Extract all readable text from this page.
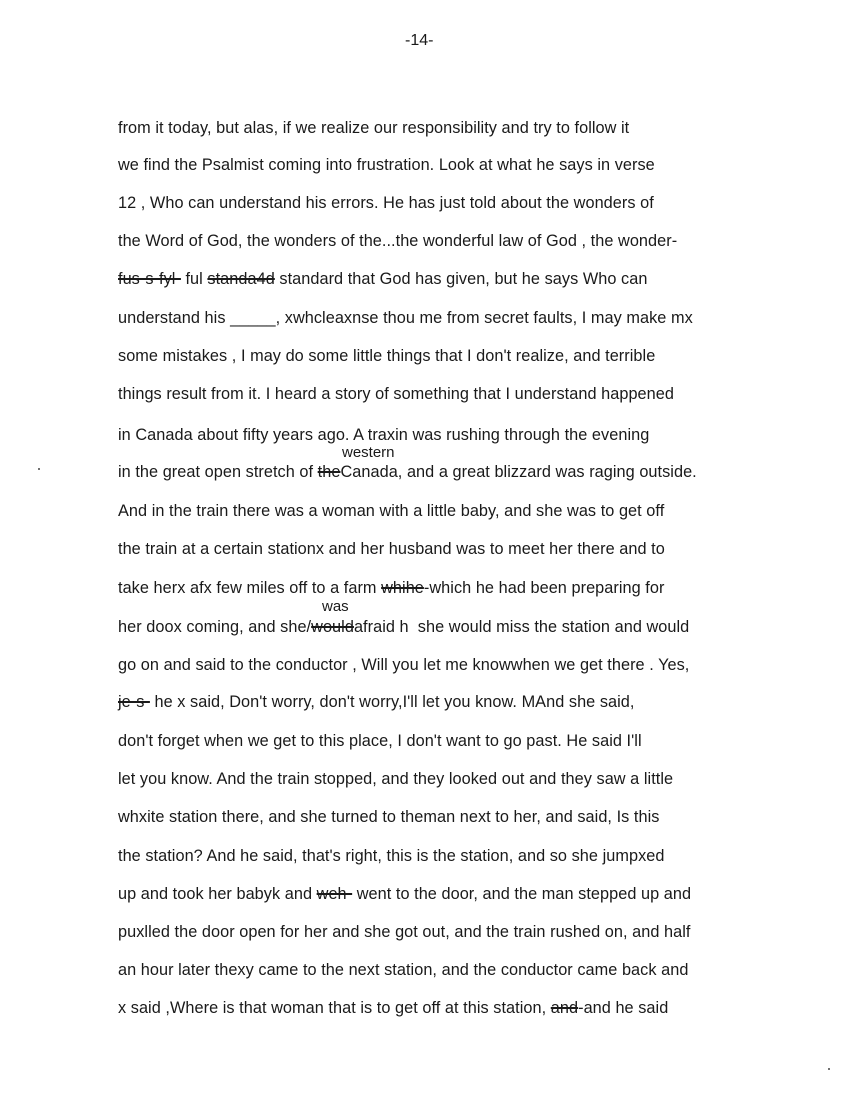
-14-
from it today, but alas, if we realize our responsibility and try to follow it
we find the Psalmist coming into frustration. Look at what he says in verse
12 , Who can understand his errors. He has just told about the wonders of
the Word of God, the wonders of the...the wonderful law of God , the wonder-
fus-s-fyl- ful standa4d standard that God has given, but he says Who can
understand his _____, xwhcleaxnse thou me from secret faults, I may make mx
some mistakes , I may do some little things that I don't realize, and terrible
things result from it. I heard a story of something that I understand happened
in Canada about fifty years ago. A traxin was rushing through the evening
in the great open stretch of theCanada, and a great blizzard was raging outside.
And in the train there was a woman with a little baby, and she was to get off
the train at a certain stationx and her husband was to meet her there and to
take herx afx few miles off to a farm whihe-which he had been preparing for
her doox coming, and she/wouldafraid h  she would miss the station and would
go on and said to the conductor , Will you let me knowwhen we get there . Yes,
je-s- he x said, Don't worry, don't worry,I'll let you know. MAnd she said,
don't forget when we get to this place, I don't want to go past. He said I'll
let you know. And the train stopped, and they looked out and they saw a little
whxite station there, and she turned to theman next to her, and said, Is this
the station? And he said, that's right, this is the station, and so she jumpxed
up and took her babyk and weh- went to the door, and the man stepped up and
puxlled the door open for her and she got out, and the train rushed on, and half
an hour later thexy came to the next station, and the conductor came back and
x said ,Where is that woman that is to get off at this station, and-and he said
western
was
